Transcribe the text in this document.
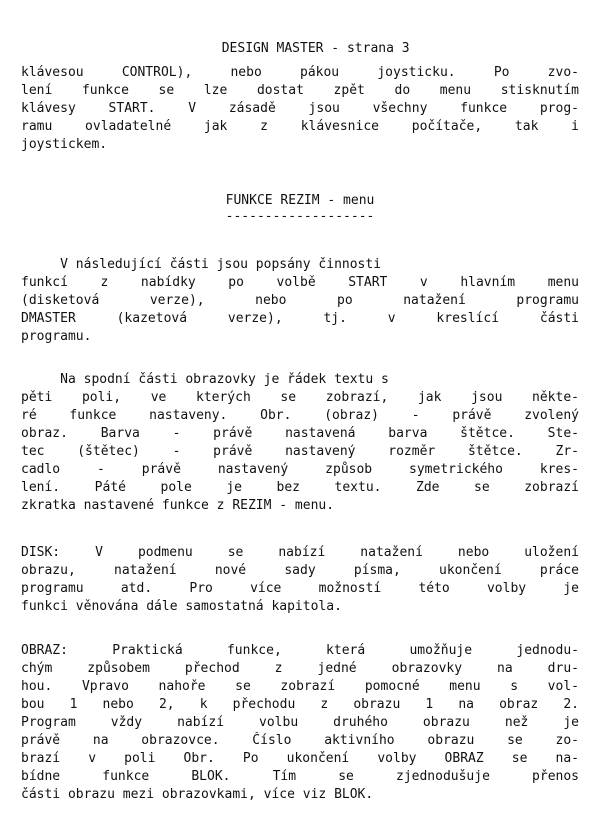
DESIGN MASTER - strana 3

klávesou CONTROL), nebo pákou joysticku. Po zvo-
lení funkce se lze dostat zpět do menu stisknutím
klávesy START. V zásadě jsou všechny funkce prog-
ramu ovladatelné jak z klávesnice počítače, tak i
joystickem.
FUNKCE REZIM - menu
-------------------
V následující části jsou popsány činnosti
funkcí z nabídky po volbě START v hlavním menu
(disketová verze), nebo po natažení programu
DMASTER (kazetová verze), tj. v kreslící části
programu.
Na spodní části obrazovky je řádek textu s
pěti poli, ve kterých se zobrazí, jak jsou někte-
ré funkce nastaveny. Obr. (obraz) - právě zvolený
obraz. Barva - právě nastavená barva štětce. Ste-
tec (štětec) - právě nastavený rozměr štětce. Zr-
cadlo - právě nastavený způsob symetrického kres-
lení. Páté pole je bez textu. Zde se zobrazí
zkratka nastavené funkce z REZIM - menu.
DISK: V podmenu se nabízí natažení nebo uložení
obrazu, natažení nové sady písma, ukončení práce
programu atd. Pro více možností této volby je
funkci věnována dále samostatná kapitola.
OBRAZ: Praktická funkce, která umožňuje jednodu-
chým způsobem přechod z jedné obrazovky na dru-
hou. Vpravo nahoře se zobrazí pomocné menu s vol-
bou 1 nebo 2, k přechodu z obrazu 1 na obraz 2.
Program vždy nabízí volbu druhého obrazu než je
právě na obrazovce. Číslo aktivního obrazu se zo-
brazí v poli Obr. Po ukončení volby OBRAZ se na-
bídne funkce BLOK. Tím se zjednodušuje přenos
části obrazu mezi obrazovkami, více viz BLOK.
